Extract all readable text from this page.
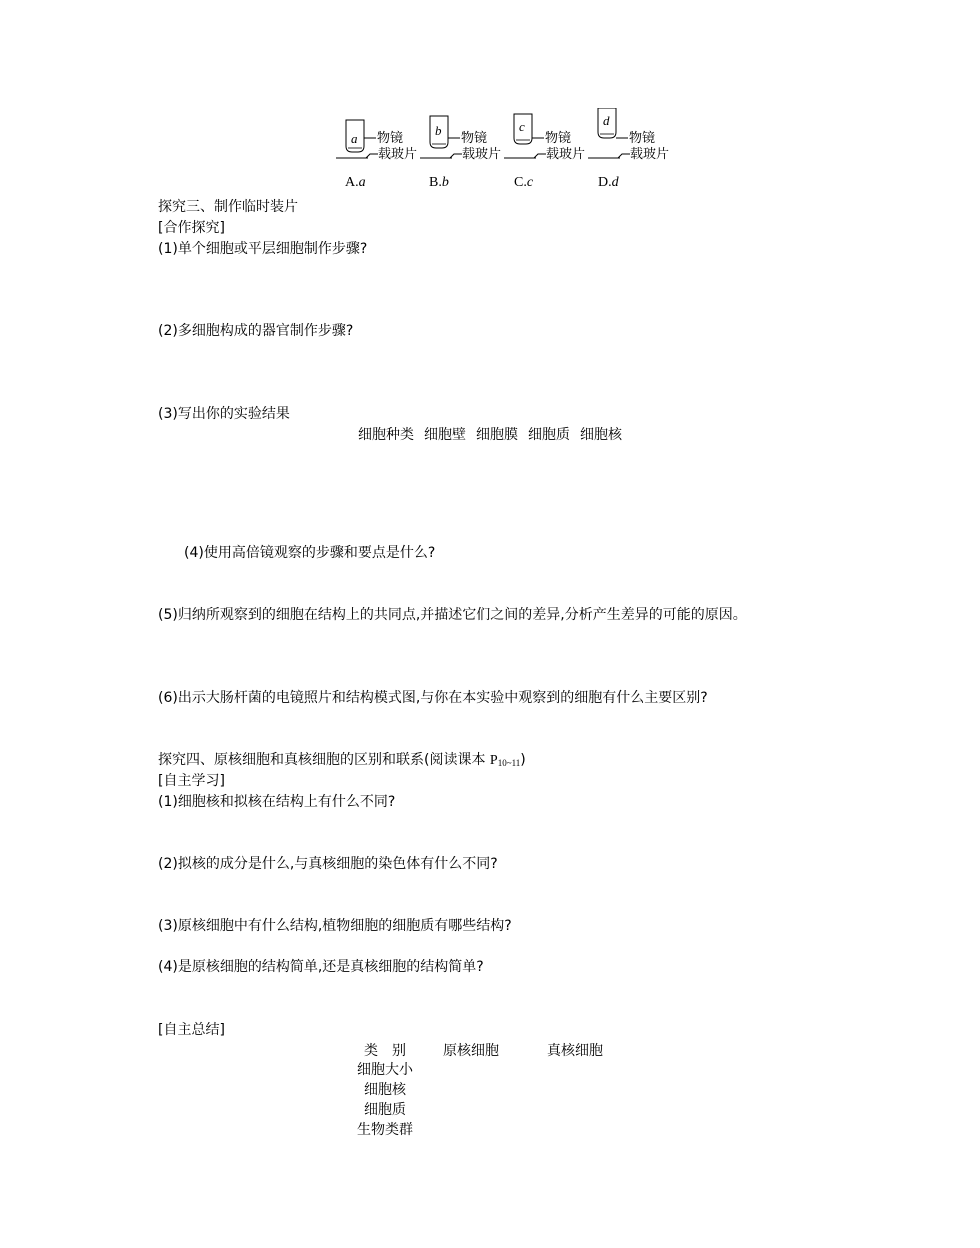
a 物镜
载玻片
b 物镜
载玻片
c
物镜
载玻片
d
物镜
载玻片
A.a	B.b	C.c	D.d
探究三、制作临时装片
[合作探究]
(1)单个细胞或平层细胞制作步骤?
(2)多细胞构成的器官制作步骤?
(3)写出你的实验结果
细胞种类 细胞壁 细胞膜 细胞质 细胞核
(4)使用高倍镜观察的步骤和要点是什么?
(5)归纳所观察到的细胞在结构上的共同点,并描述它们之间的差异,分析产生差异的可能的原因。
(6)出示大肠杆菌的电镜照片和结构模式图,与你在本实验中观察到的细胞有什么主要区别?
探究四、原核细胞和真核细胞的区别和联系(阅读课本 $P_{10\sim 11}$)
[自主学习]
(1)细胞核和拟核在结构上有什么不同?
(2)拟核的成分是什么,与真核细胞的染色体有什么不同?
(3)原核细胞中有什么结构,植物细胞的细胞质有哪些结构?
(4)是原核细胞的结构简单,还是真核细胞的结构简单?
[自主总结]
类　别	原核细胞	真核细胞
细胞大小
细胞核
细胞质
生物类群
